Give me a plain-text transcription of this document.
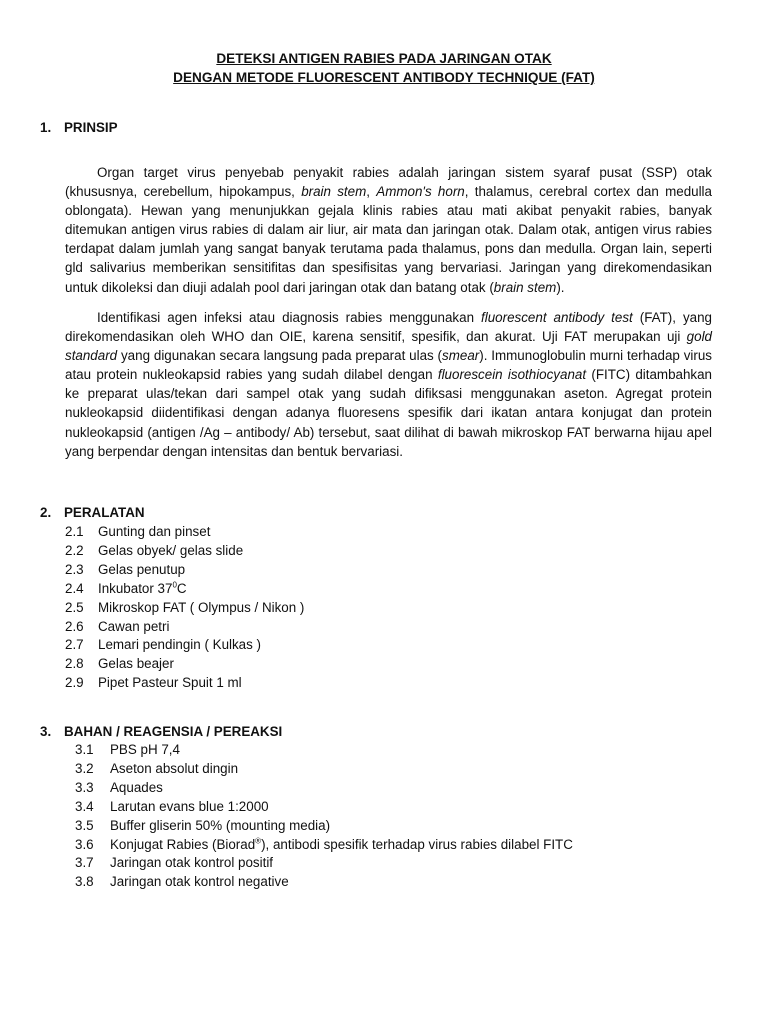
DETEKSI ANTIGEN RABIES PADA JARINGAN OTAK
DENGAN METODE FLUORESCENT ANTIBODY TECHNIQUE (FAT)
1. PRINSIP

Organ target virus penyebab penyakit rabies adalah jaringan sistem syaraf pusat (SSP) otak (khususnya, cerebellum, hipokampus, brain stem, Ammon's horn, thalamus, cerebral cortex dan medulla oblongata). Hewan yang menunjukkan gejala klinis rabies atau mati akibat penyakit rabies, banyak ditemukan antigen virus rabies di dalam air liur, air mata dan jaringan otak. Dalam otak, antigen virus rabies terdapat dalam jumlah yang sangat banyak terutama pada thalamus, pons dan medulla. Organ lain, seperti gld salivarius memberikan sensitifitas dan spesifisitas yang bervariasi. Jaringan yang direkomendasikan untuk dikoleksi dan diuji adalah pool dari jaringan otak dan batang otak (brain stem).

Identifikasi agen infeksi atau diagnosis rabies menggunakan fluorescent antibody test (FAT), yang direkomendasikan oleh WHO dan OIE, karena sensitif, spesifik, dan akurat. Uji FAT merupakan uji gold standard yang digunakan secara langsung pada preparat ulas (smear). Immunoglobulin murni terhadap virus atau protein nukleokapsid rabies yang sudah dilabel dengan fluorescein isothiocyanat (FITC) ditambahkan ke preparat ulas/tekan dari sampel otak yang sudah difiksasi menggunakan aseton. Agregat protein nukleokapsid diidentifikasi dengan adanya fluoresens spesifik dari ikatan antara konjugat dan protein nukleokapsid (antigen /Ag – antibody/ Ab) tersebut, saat dilihat di bawah mikroskop FAT berwarna hijau apel yang berpendar dengan intensitas dan bentuk bervariasi.

2. PERALATAN
2.1 Gunting dan pinset
2.2 Gelas obyek/ gelas slide
2.3 Gelas penutup
2.4 Inkubator $37^0C$
2.5 Mikroskop FAT ( Olympus / Nikon )
2.6 Cawan petri
2.7 Lemari pendingin ( Kulkas )
2.8 Gelas beajer
2.9 Pipet Pasteur Spuit 1 ml
3. BAHAN / REAGENSIA / PEREAKSI
3.1 PBS pH 7,4
3.2 Aseton absolut dingin
3.3 Aquades
3.4 Larutan evans blue 1:2000
3.5 Buffer gliserin 50% (mounting media)
3.6 Konjugat Rabies (Biorad®), antibodi spesifik terhadap virus rabies dilabel FITC
3.7 Jaringan otak kontrol positif
3.8 Jaringan otak kontrol negative
